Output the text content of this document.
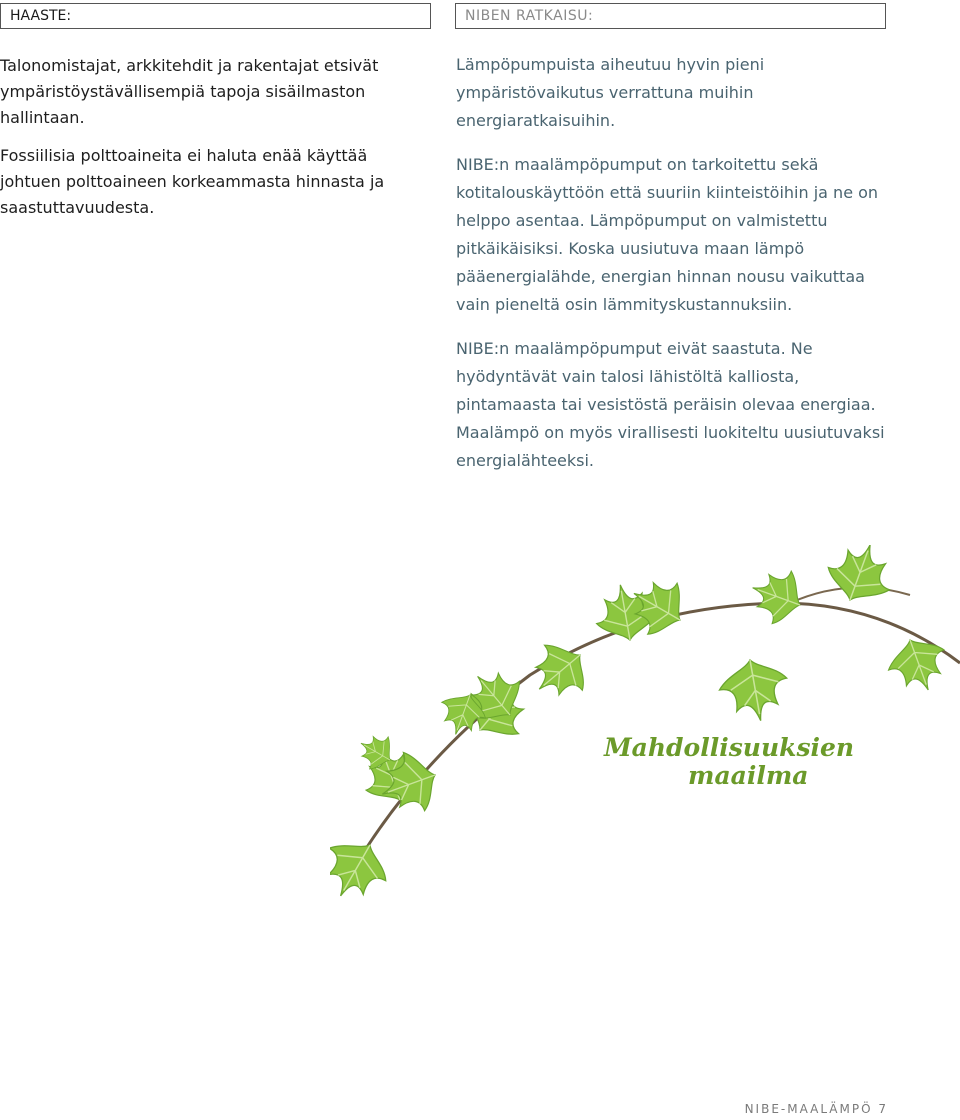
HAASTE:	NIBEN RATKAISU:

Talonomistajat, arkkitehdit ja rakentajat etsivät ympäristöystävällisempiä tapoja sisäilmaston hallintaan.

Fossiilisia polttoaineita ei haluta enää käyttää johtuen polttoaineen korkeammasta hinnasta ja saastuttavuudesta.

Lämpöpumpuista aiheutuu hyvin pieni ympäristövaikutus verrattuna muihin energiaratkaisuihin.

NIBE:n maalämpöpumput on tarkoitettu sekä kotitalouskäyttöön että suuriin kiinteistöihin ja ne on helppo asentaa. Lämpöpumput on valmistettu pitkäikäisiksi. Koska uusiutuva maan lämpö pääenergialähde, energian hinnan nousu vaikuttaa vain pieneltä osin lämmityskustannuksiin.

NIBE:n maalämpöpumput eivät saastuta. Ne hyödyntävät vain talosi lähistöltä kalliosta, pintamaasta tai vesistöstä peräisin olevaa energiaa. Maalämpö on myös virallisesti luokiteltu uusiutuvaksi energialähteeksi.

Mahdollisuuksien
maailma
NIBE-MAALÄMPÖ 7
